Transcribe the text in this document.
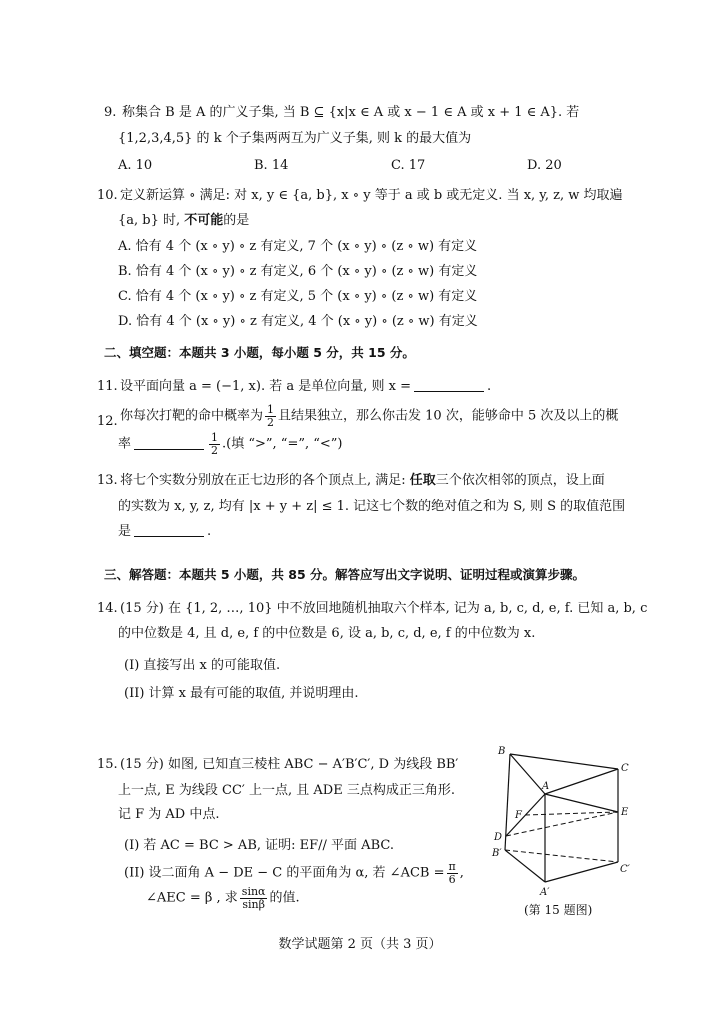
9. 称集合 B 是 A 的广义子集, 当 B ⊆ {x|x ∈ A 或 x − 1 ∈ A 或 x + 1 ∈ A}. 若
{1,2,3,4,5} 的 k 个子集两两互为广义子集, 则 k 的最大值为
A. 10	B. 14	C. 17	D. 20
10. 定义新运算 ∘ 满足: 对 x, y ∈ {a, b}, x ∘ y 等于 a 或 b 或无定义. 当 x, y, z, w 均取遍
{a, b} 时, 不可能的是
A. 恰有 4 个 (x ∘ y) ∘ z 有定义, 7 个 (x ∘ y) ∘ (z ∘ w) 有定义
B. 恰有 4 个 (x ∘ y) ∘ z 有定义, 6 个 (x ∘ y) ∘ (z ∘ w) 有定义
C. 恰有 4 个 (x ∘ y) ∘ z 有定义, 5 个 (x ∘ y) ∘ (z ∘ w) 有定义
D. 恰有 4 个 (x ∘ y) ∘ z 有定义, 4 个 (x ∘ y) ∘ (z ∘ w) 有定义
二、填空题：本题共 3 小题，每小题 5 分，共 15 分。
11. 设平面向量 a = (−1, x). 若 a 是单位向量, 则 x =	.
12. 你每次打靶的命中概率为 $\frac{1}{2}$ 且结果独立，那么你击发 10 次，能够命中 5 次及以上的概
率	$\frac{1}{2}$ .(填 “>”, “=”, “<”)
13. 将七个实数分别放在正七边形的各个顶点上, 满足: 任取三个依次相邻的顶点，设上面
的实数为 x, y, z, 均有 |x + y + z| ≤ 1. 记这七个数的绝对值之和为 S, 则 S 的取值范围
是	.
三、解答题：本题共 5 小题，共 85 分。解答应写出文字说明、证明过程或演算步骤。
14. (15 分) 在 {1, 2, …, 10} 中不放回地随机抽取六个样本, 记为 a, b, c, d, e, f. 已知 a, b, c
的中位数是 4, 且 d, e, f 的中位数是 6, 设 a, b, c, d, e, f 的中位数为 x.
(I) 直接写出 x 的可能取值.
(II) 计算 x 最有可能的取值, 并说明理由.
15. (15 分) 如图, 已知直三棱柱 ABC − A′B′C′, D 为线段 BB′
上一点, E 为线段 CC′ 上一点, 且 ADE 三点构成正三角形.
记 F 为 AD 中点.
(I) 若 AC = BC > AB, 证明: EF// 平面 ABC.
(II) 设二面角 A − DE − C 的平面角为 α, 若 ∠ACB = $\frac{\pi}{6}$ ,
∠AEC = β , 求 $\frac{\sin\alpha}{\sin\beta}$ 的值.
B
C
A
F	E
D
B′
C′
A′
(第 15 题图)
数学试题第 2 页（共 3 页）
